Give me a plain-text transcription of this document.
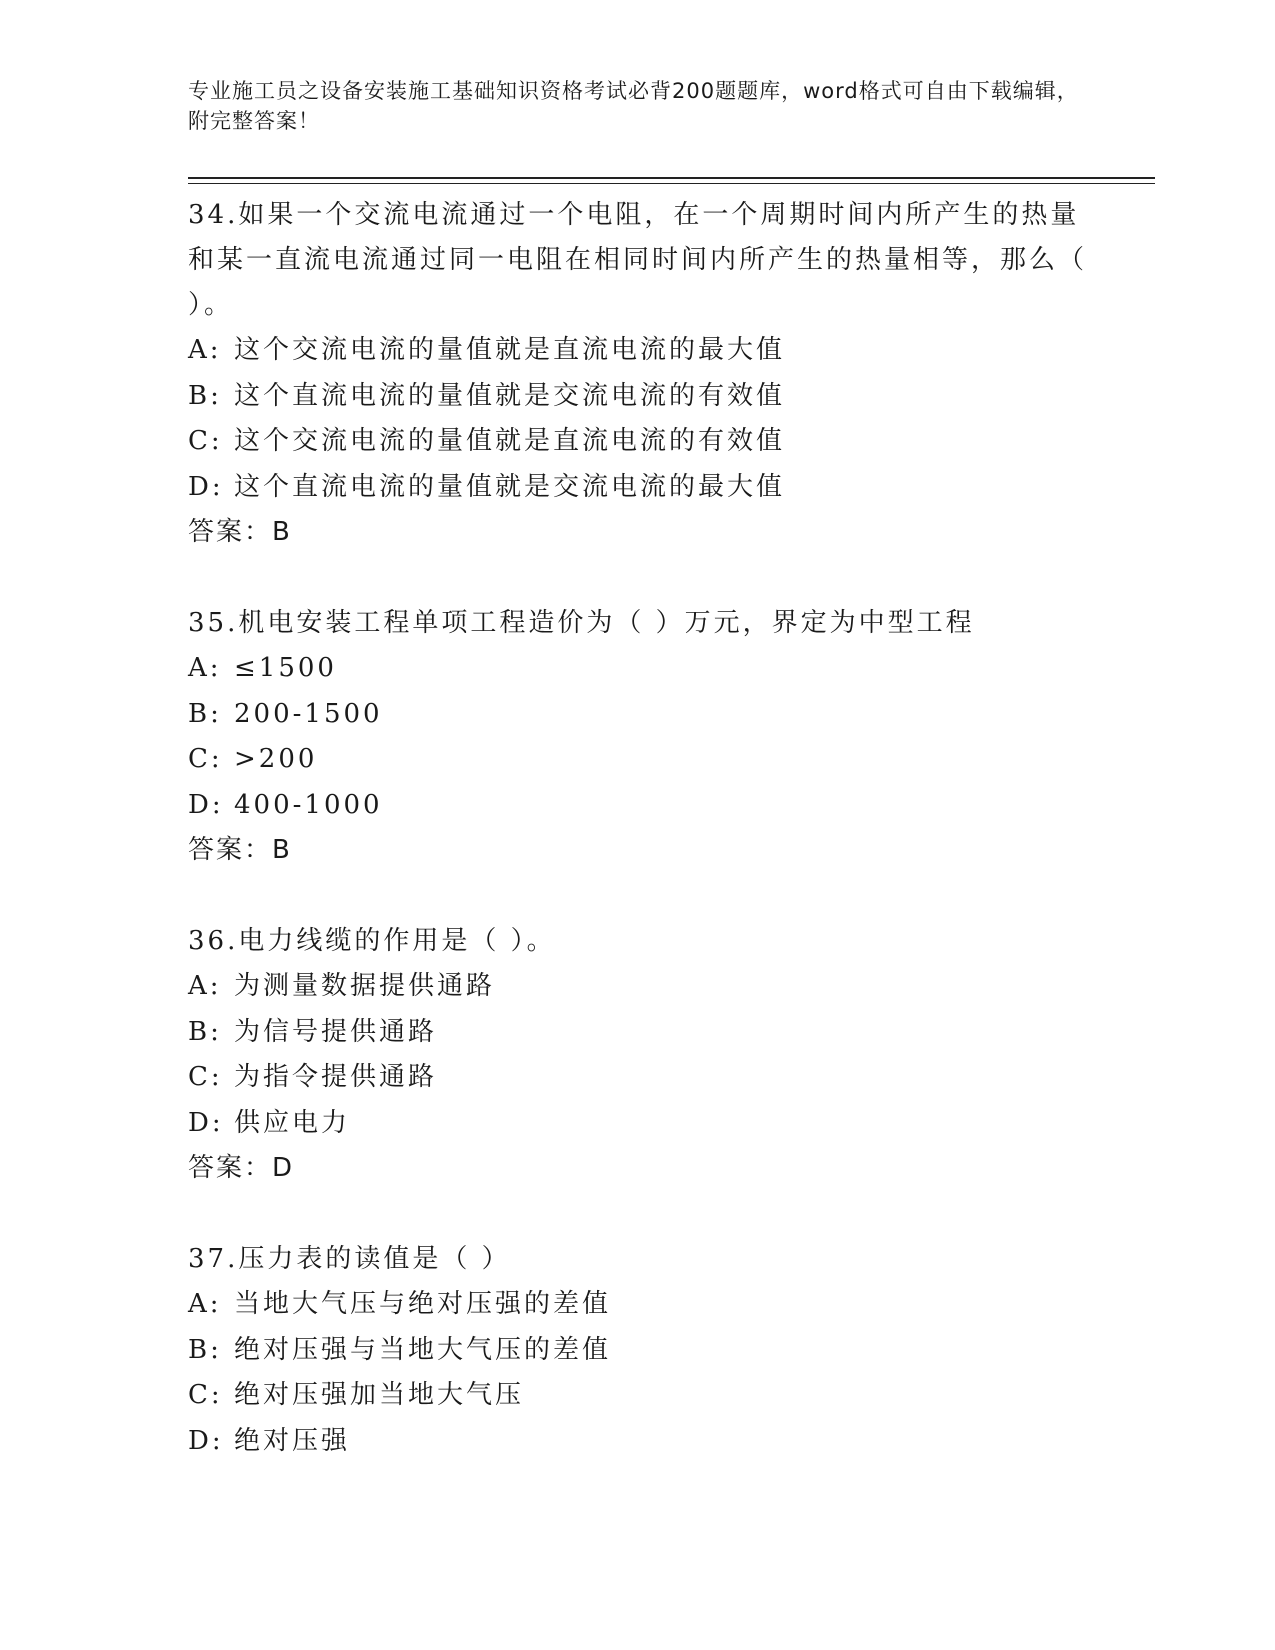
专业施工员之设备安装施工基础知识资格考试必背200题题库，word格式可自由下载编辑，附完整答案！

34.如果一个交流电流通过一个电阻，在一个周期时间内所产生的热量和某一直流电流通过同一电阻在相同时间内所产生的热量相等，那么（ ）。

A: 这个交流电流的量值就是直流电流的最大值
B: 这个直流电流的量值就是交流电流的有效值
C: 这个交流电流的量值就是直流电流的有效值
D: 这个直流电流的量值就是交流电流的最大值
答案：B

35.机电安装工程单项工程造价为（ ）万元，界定为中型工程

A: ≤1500
B: 200-1500
C: >200
D: 400-1000
答案：B

36.电力线缆的作用是（ ）。

A: 为测量数据提供通路
B: 为信号提供通路
C: 为指令提供通路
D: 供应电力
答案：D

37.压力表的读值是（ ）

A: 当地大气压与绝对压强的差值
B: 绝对压强与当地大气压的差值
C: 绝对压强加当地大气压
D: 绝对压强
